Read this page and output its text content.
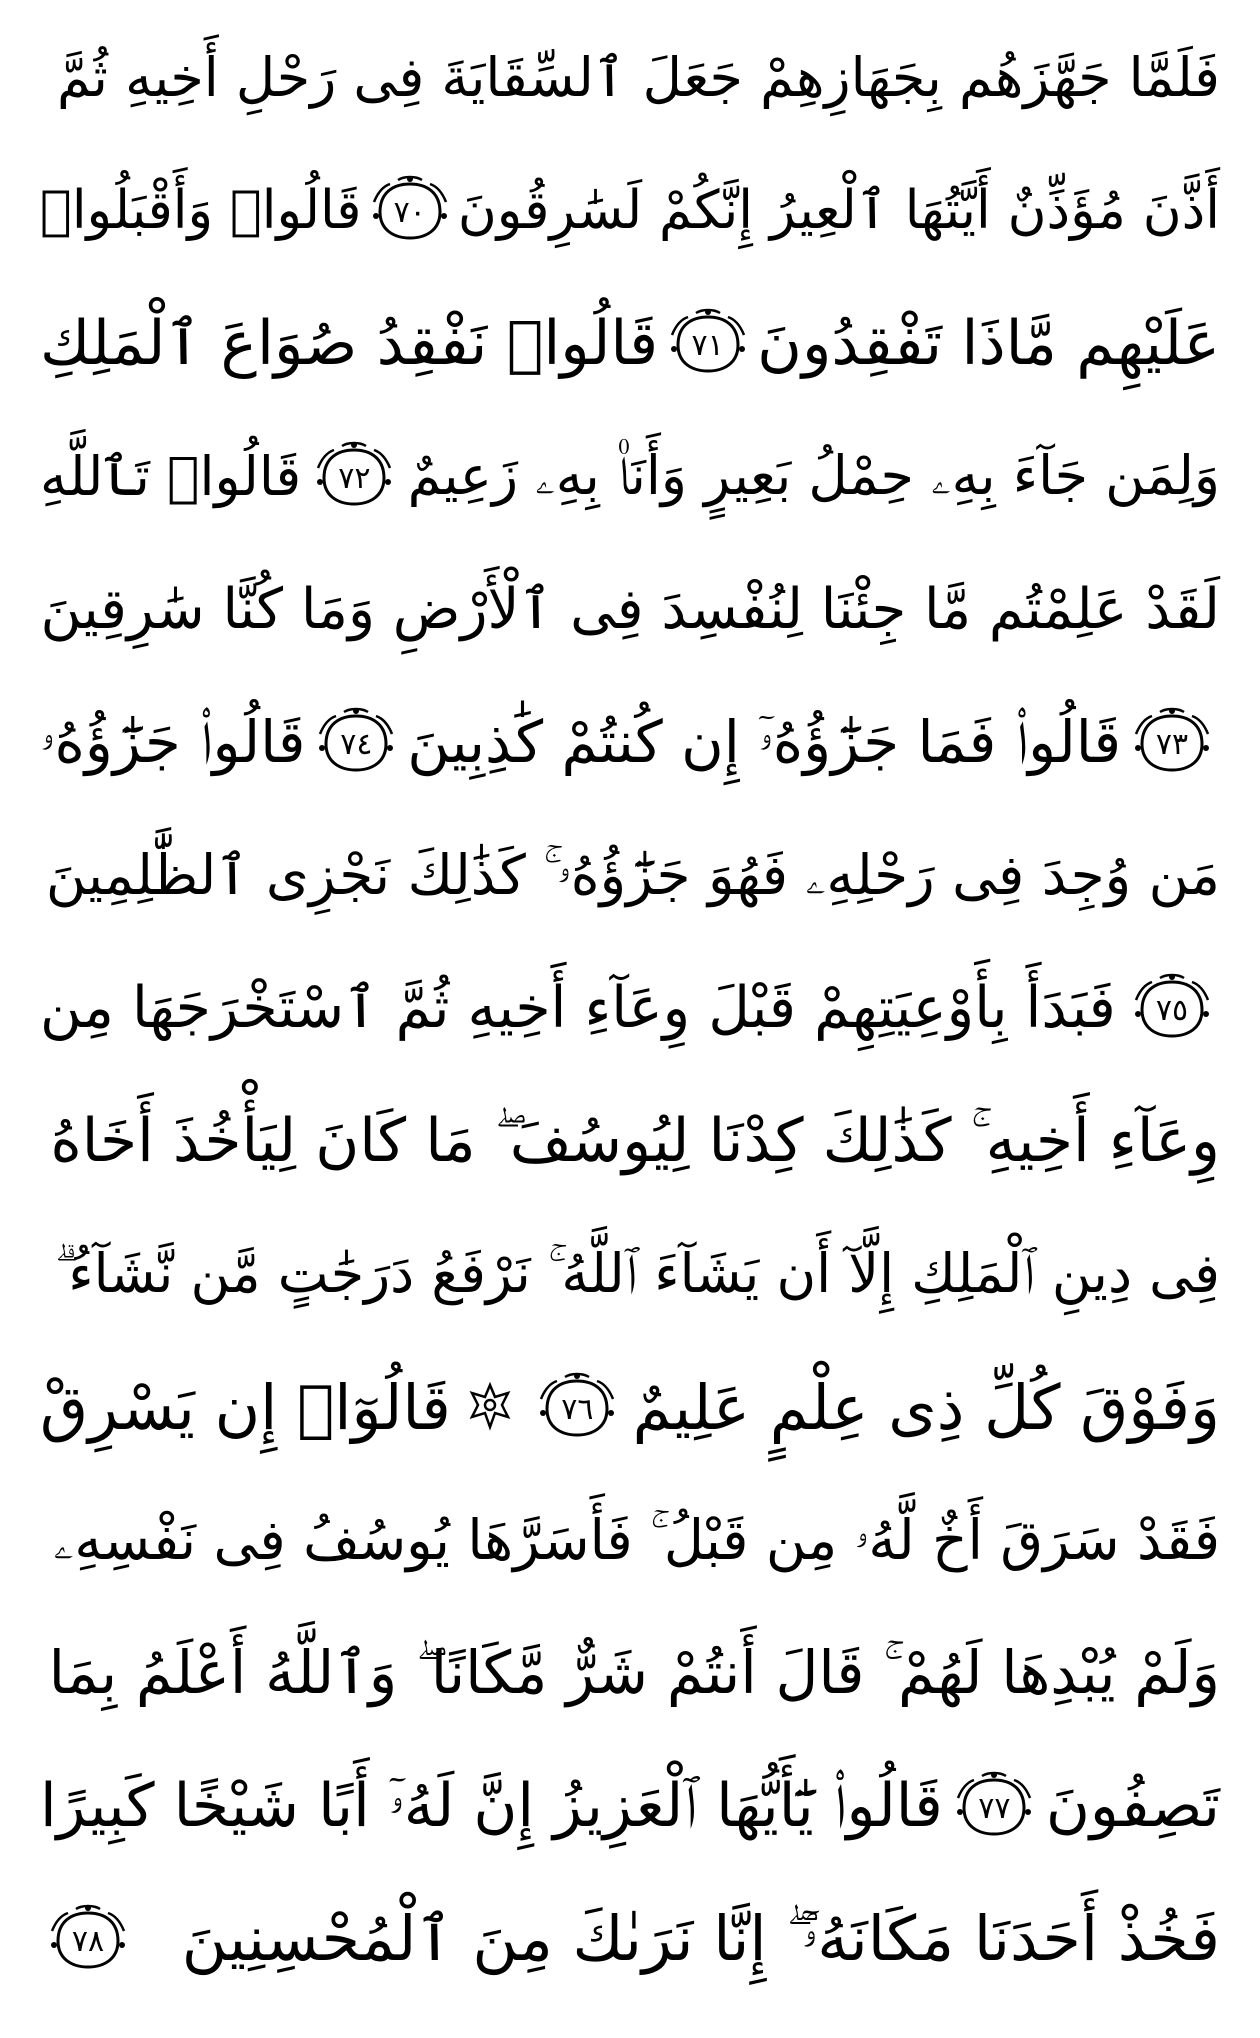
فَلَمَّا جَهَّزَهُم بِجَهَازِهِمْ جَعَلَ ٱلسِّقَايَةَ فِى رَحْلِ أَخِيهِ ثُمَّ
أَذَّنَ مُؤَذِّنٌ أَيَّتُهَا ٱلْعِيرُ إِنَّكُمْ لَسَٰرِقُونَ
٧٠
قَالُوا۟ وَأَقْبَلُوا۟
عَلَيْهِم مَّاذَا تَفْقِدُونَ
٧١
قَالُوا۟ نَفْقِدُ صُوَاعَ ٱلْمَلِكِ
وَلِمَن جَآءَ بِهِۦ حِمْلُ بَعِيرٍ وَأَنَا۠ بِهِۦ زَعِيمٌ
٧٢
قَالُوا۟ تَٱللَّهِ
لَقَدْ عَلِمْتُم مَّا جِئْنَا لِنُفْسِدَ فِى ٱلْأَرْضِ وَمَا كُنَّا سَٰرِقِينَ
٧٣
قَالُوا۟ فَمَا جَزَٰٓؤُهُۥٓ إِن كُنتُمْ كَٰذِبِينَ
٧٤
قَالُوا۟ جَزَٰٓؤُهُۥ
مَن وُجِدَ فِى رَحْلِهِۦ فَهُوَ جَزَٰٓؤُهُۥ ۚ كَذَٰلِكَ نَجْزِى ٱلظَّٰلِمِينَ
٧٥
فَبَدَأَ بِأَوْعِيَتِهِمْ قَبْلَ وِعَآءِ أَخِيهِ ثُمَّ ٱسْتَخْرَجَهَا مِن
وِعَآءِ أَخِيهِ ۚ كَذَٰلِكَ كِدْنَا لِيُوسُفَ ۖ مَا كَانَ لِيَأْخُذَ أَخَاهُ
فِى دِينِ ٱلْمَلِكِ إِلَّآ أَن يَشَآءَ ٱللَّهُ ۚ نَرْفَعُ دَرَجَٰتٍ مَّن نَّشَآءُ ۗ
وَفَوْقَ كُلِّ ذِى عِلْمٍ عَلِيمٌ
٧٦
قَالُوٓا۟ إِن يَسْرِقْ
فَقَدْ سَرَقَ أَخٌ لَّهُۥ مِن قَبْلُ ۚ فَأَسَرَّهَا يُوسُفُ فِى نَفْسِهِۦ
وَلَمْ يُبْدِهَا لَهُمْ ۚ قَالَ أَنتُمْ شَرٌّ مَّكَانًا ۖ وَٱللَّهُ أَعْلَمُ بِمَا
تَصِفُونَ
٧٧
قَالُوا۟ يَٰٓأَيُّهَا ٱلْعَزِيزُ إِنَّ لَهُۥٓ أَبًا شَيْخًا كَبِيرًا
فَخُذْ أَحَدَنَا مَكَانَهُۥٓ ۖ إِنَّا نَرَىٰكَ مِنَ ٱلْمُحْسِنِينَ
٧٨
